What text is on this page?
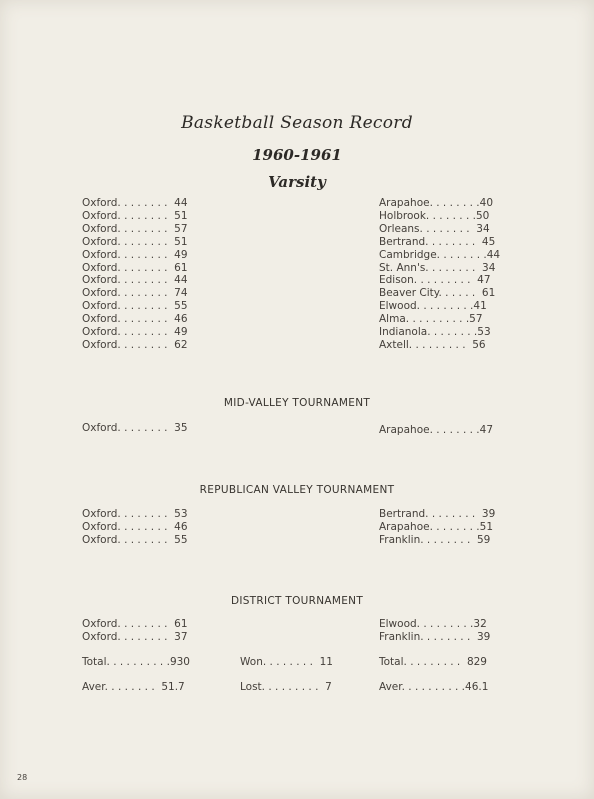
Basketball Season Record
1960-1961
Varsity
Oxford. . . . . . . .  44	Arapahoe. . . . . . . .40
Oxford. . . . . . . .  51	Holbrook. . . . . . . .50
Oxford. . . . . . . .  57	Orleans. . . . . . . .  34
Oxford. . . . . . . .  51	Bertrand. . . . . . . .  45
Oxford. . . . . . . .  49	Cambridge. . . . . . . .44
Oxford. . . . . . . .  61	St. Ann's. . . . . . . .  34
Oxford. . . . . . . .  44	Edison. . . . . . . . .  47
Oxford. . . . . . . .  74	Beaver City. . . . . .  61
Oxford. . . . . . . .  55	Elwood. . . . . . . . .41
Oxford. . . . . . . .  46	Alma. . . . . . . . . .57
Oxford. . . . . . . .  49	Indianola. . . . . . . .53
Oxford. . . . . . . .  62	Axtell. . . . . . . . .  56
MID-VALLEY TOURNAMENT
Oxford. . . . . . . .  35	Arapahoe. . . . . . . .47
REPUBLICAN VALLEY TOURNAMENT
Oxford. . . . . . . .  53	Bertrand. . . . . . . .  39
Oxford. . . . . . . .  46	Arapahoe. . . . . . . .51
Oxford. . . . . . . .  55	Franklin. . . . . . . .  59
DISTRICT TOURNAMENT
Oxford. . . . . . . .  61	Elwood. . . . . . . . .32
Oxford. . . . . . . .  37	Franklin. . . . . . . .  39
Total. . . . . . . . . .930	Won. . . . . . . .  11	Total. . . . . . . . .  829
Aver. . . . . . . .  51.7	Lost. . . . . . . . .  7	Aver. . . . . . . . . .46.1
28
